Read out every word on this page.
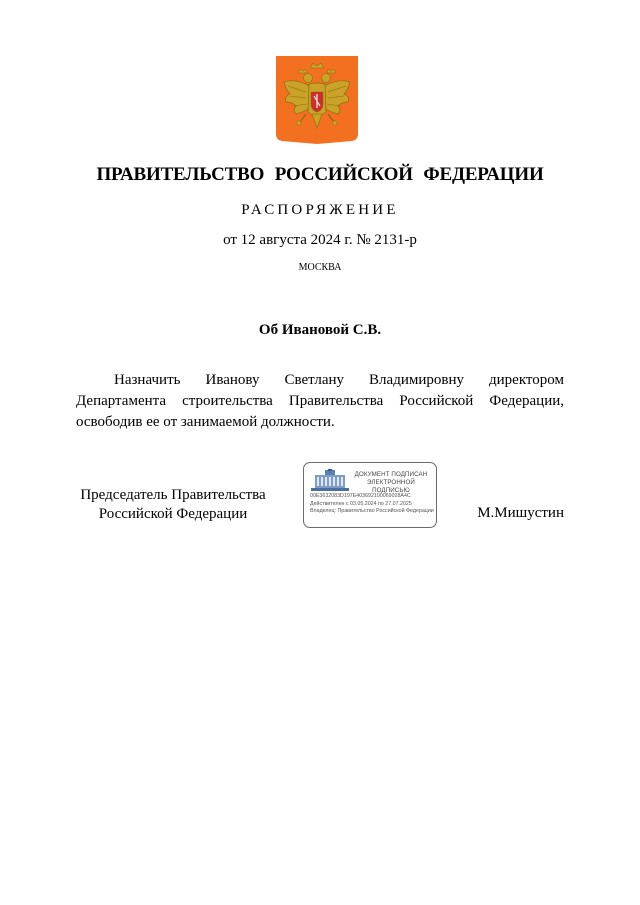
ПРАВИТЕЛЬСТВО РОССИЙСКОЙ ФЕДЕРАЦИИ
РАСПОРЯЖЕНИЕ
от 12 августа 2024 г. № 2131-р
МОСКВА
Об Ивановой С.В.

Назначить Иванову Светлану Владимировну директором Департамента строительства Правительства Российской Федерации, освободив ее от занимаемой должности.

Председатель Правительства
Российской Федерации
ДОКУМЕНТ ПОДПИСАН
ЭЛЕКТРОННОЙ ПОДПИСЬЮ
00E3632083D197E403692100069028A4C
Действителен с 03.05.2024 по 27.07.2025
Владелец: Правительство Российской Федерации	М.Мишустин
